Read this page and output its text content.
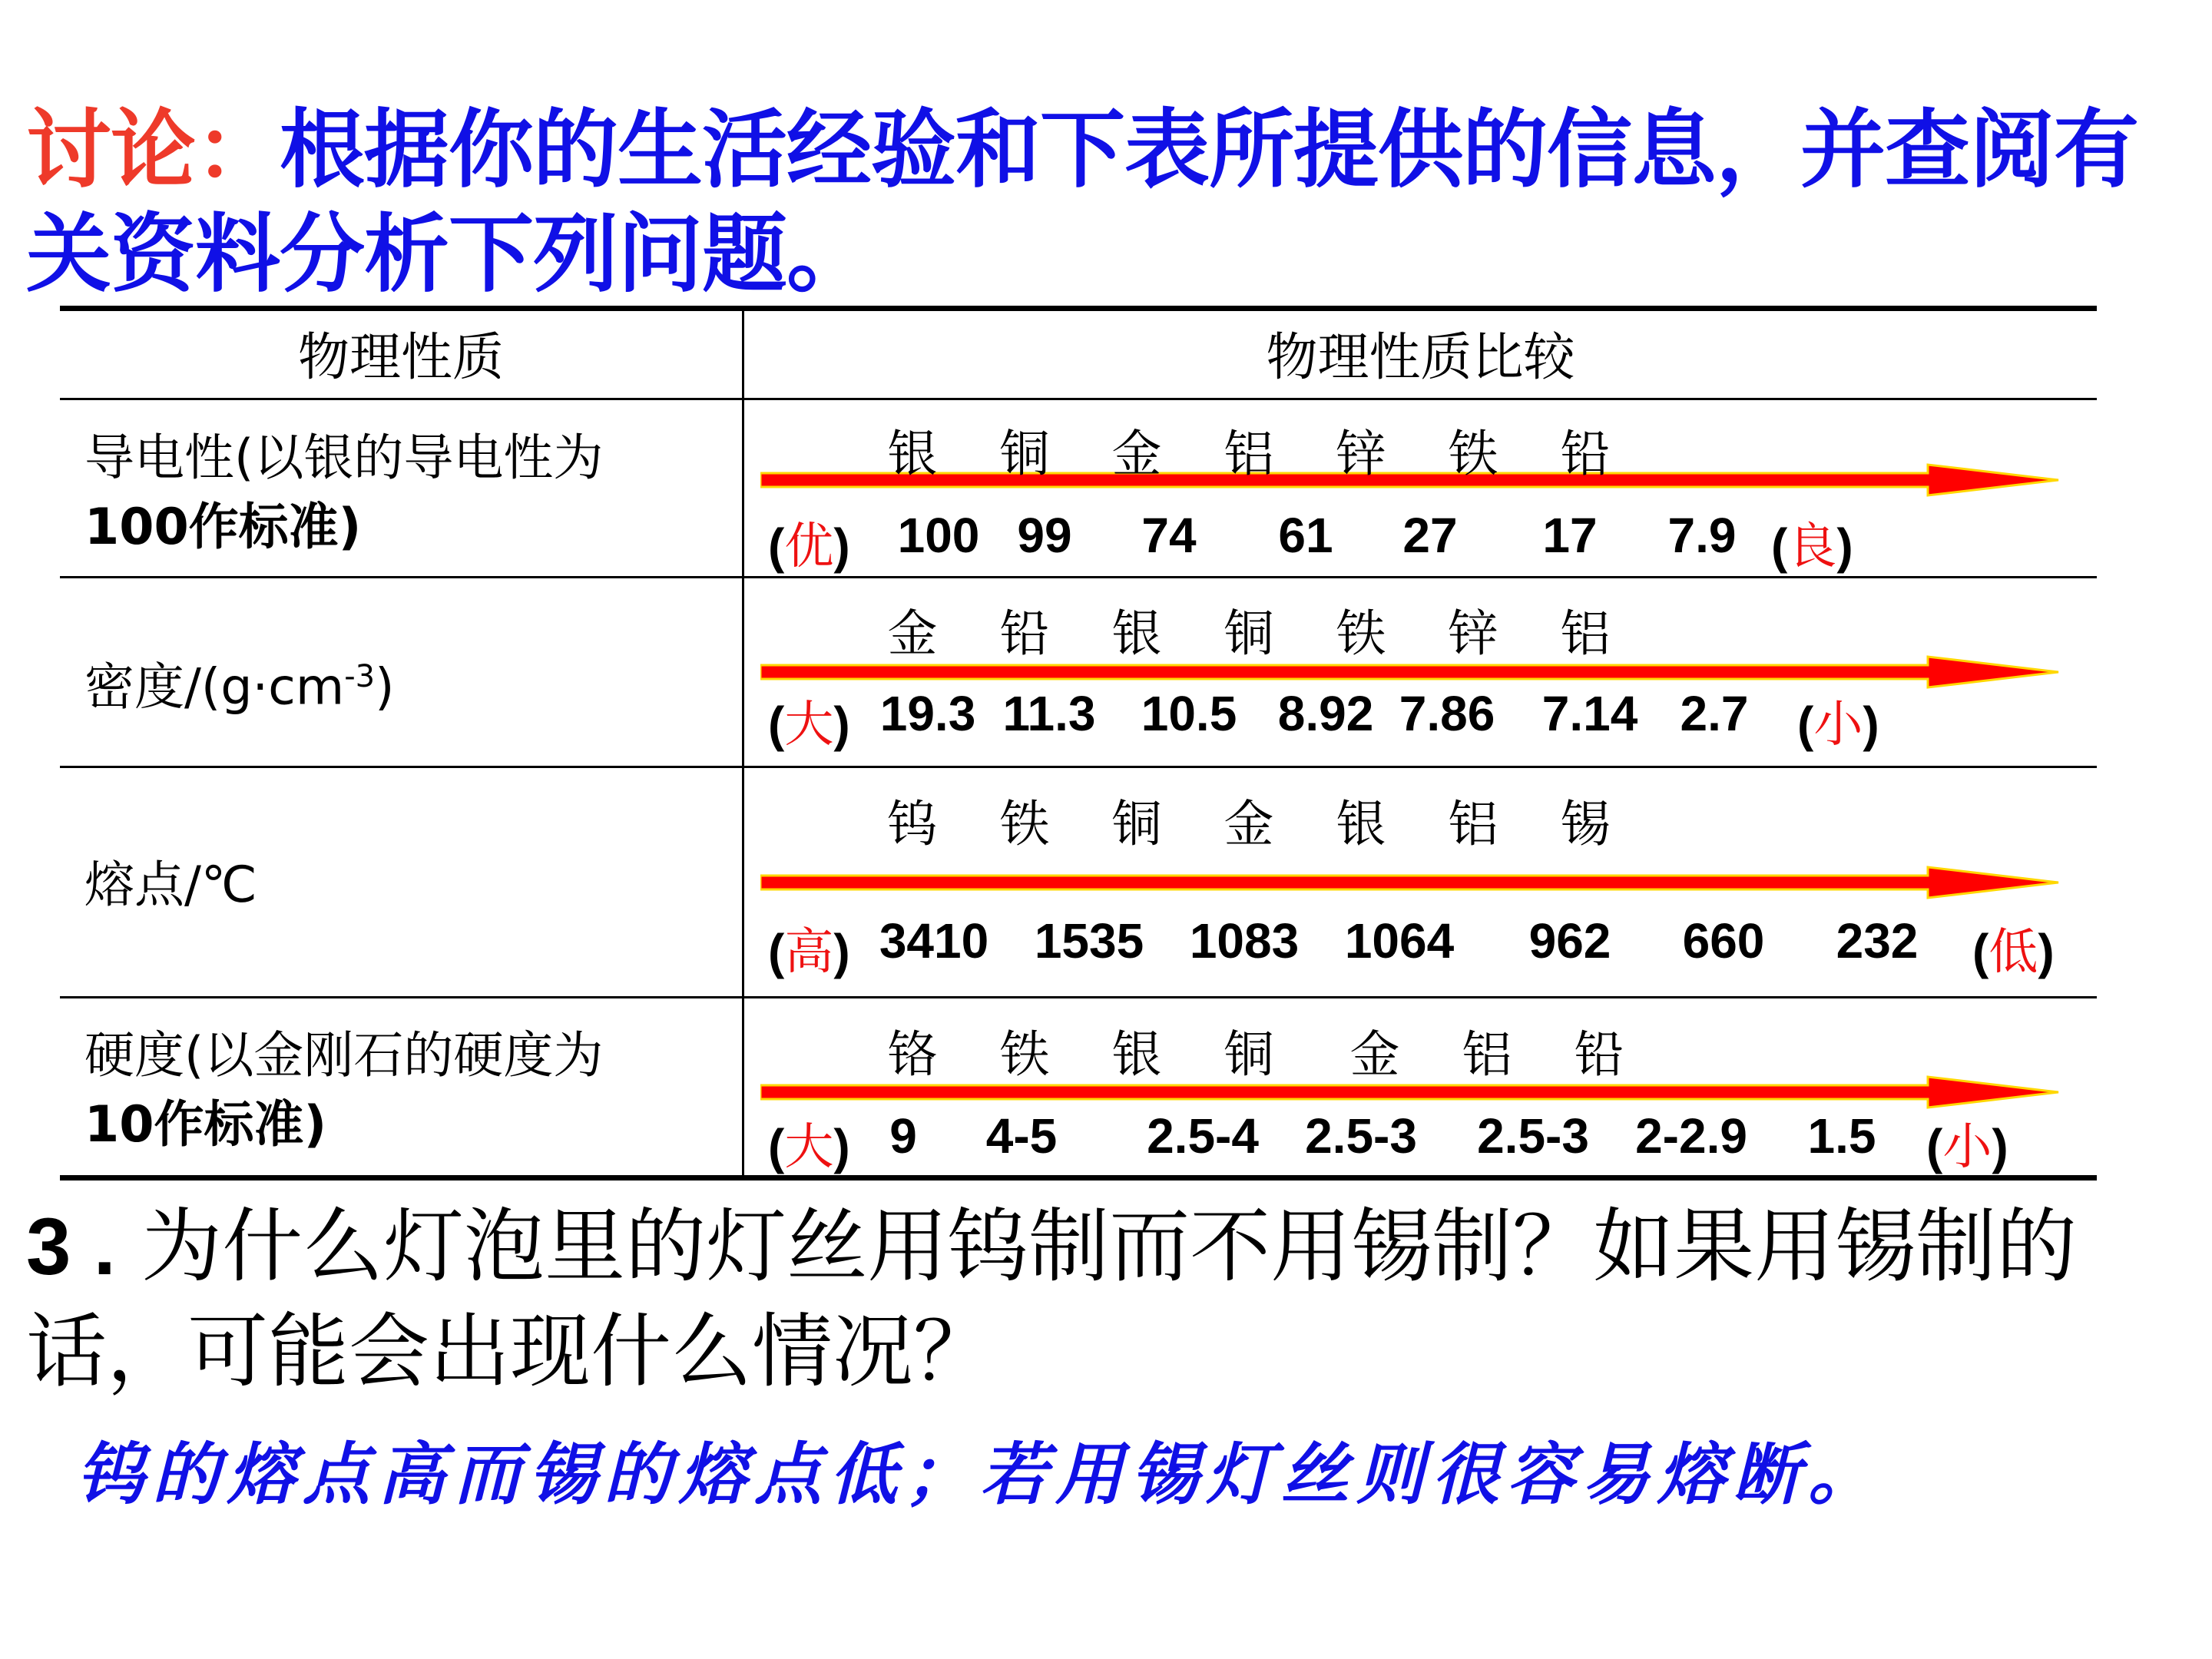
讨论：根据你的生活经验和下表所提供的信息，并查阅有关资料分析下列问题。
物理性质	物理性质比较
导电性(以银的导电性为
100作标准)
密度$/(g\cdot cm^{-3})$
熔点/℃
硬度(以金刚石的硬度为
10作标准)
银 铜 金 铝 锌 铁 铅
(优) 100 99 74 61 27 17 7.9 (良)
金 铅 银 铜 铁 锌 铝
(大) 19.3 11.3 10.5 8.92 7.86 7.14 2.7 (小)
钨 铁 铜 金 银 铝 锡
(高) 3410 1535 1083 1064 962 660 232 (低)
铬 铁 银 铜 金 铝 铅
(大) 9 4-5 2.5-4 2.5-3 2.5-3 2-2.9 1.5 (小)
3 . 为什么灯泡里的灯丝用钨制而不用锡制？如果用锡制的话，可能会出现什么情况？
钨的熔点高而锡的熔点低；若用锡灯丝则很容易熔断。
